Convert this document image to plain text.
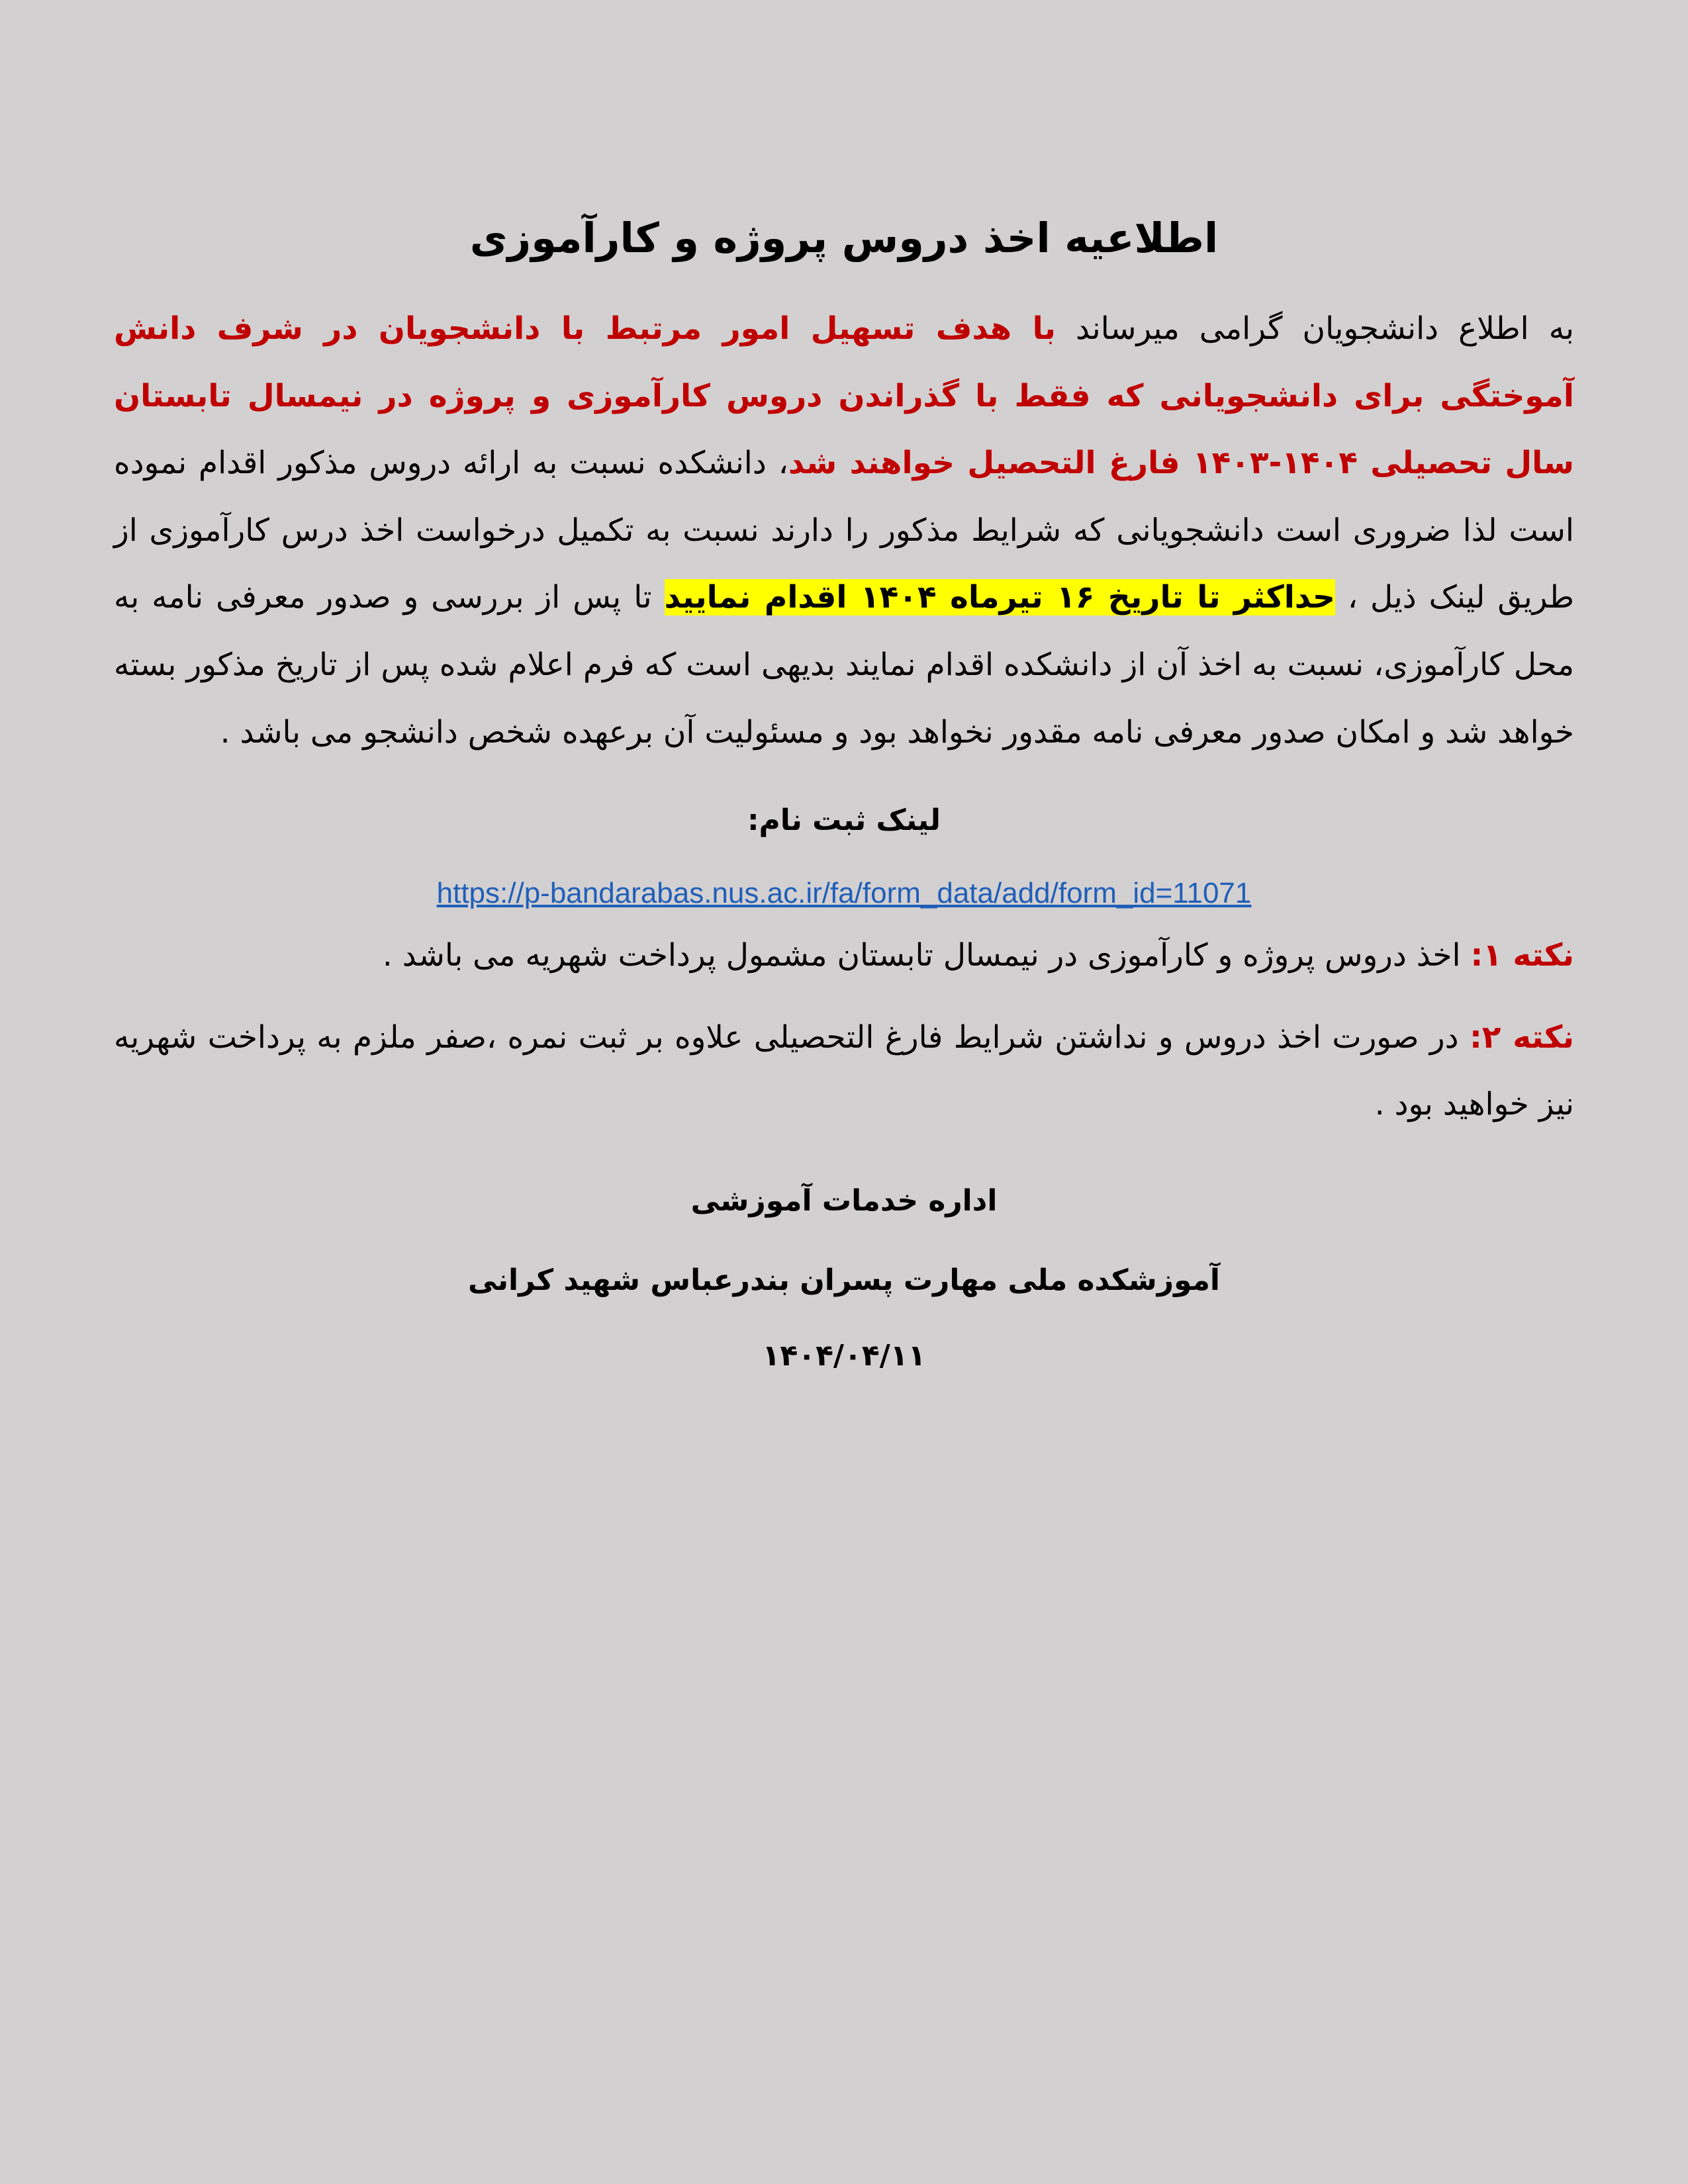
اطلاعیه اخذ دروس پروژه و کارآموزی

به اطلاع دانشجویان گرامی میرساند با هدف تسهیل امور مرتبط با دانشجویان در شرف دانش آموختگی برای دانشجویانی که فقط با گذراندن دروس کارآموزی و پروژه در نیمسال تابستان سال تحصیلی ۱۴۰۴-۱۴۰۳ فارغ التحصیل خواهند شد، دانشکده نسبت به ارائه دروس مذکور اقدام نموده است لذا ضروری است دانشجویانی که شرایط مذکور را دارند نسبت به تکمیل درخواست اخذ درس کارآموزی از طریق لینک ذیل ، حداکثر تا تاریخ ۱۶ تیرماه ۱۴۰۴ اقدام نمایید تا پس از بررسی و صدور معرفی نامه به محل کارآموزی، نسبت به اخذ آن از دانشکده اقدام نمایند بدیهی است که فرم اعلام شده پس از تاریخ مذکور بسته خواهد شد و امکان صدور معرفی نامه مقدور نخواهد بود و مسئولیت آن برعهده شخص دانشجو می باشد .

لینک ثبت نام:
https://p-bandarabas.nus.ac.ir/fa/form_data/add/form_id=11071

نکته ۱: اخذ دروس پروژه و کارآموزی در نیمسال تابستان مشمول پرداخت شهریه می باشد .

نکته ۲: در صورت اخذ دروس و نداشتن شرایط فارغ التحصیلی علاوه بر ثبت نمره ،صفر ملزم به پرداخت شهریه نیز خواهید بود .

اداره خدمات آموزشی
آموزشکده ملی مهارت پسران بندرعباس شهید کرانی
۱۴۰۴/۰۴/۱۱
